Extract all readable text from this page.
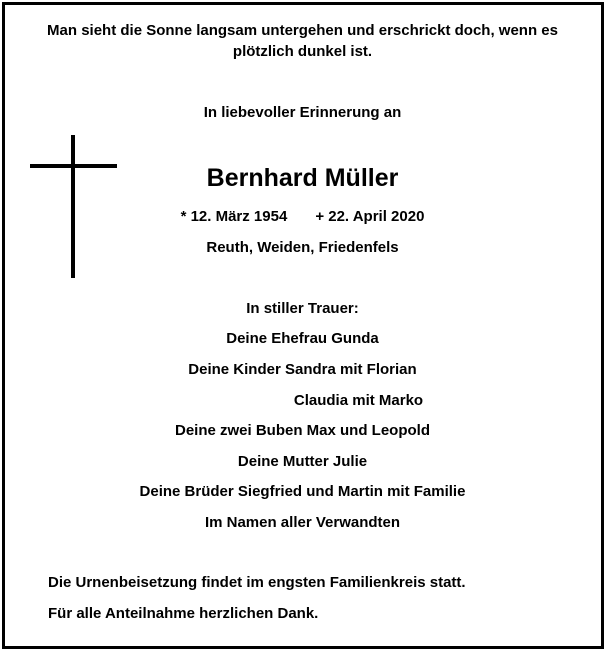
Man sieht die Sonne langsam untergehen und erschrickt doch, wenn es
plötzlich dunkel ist.
In liebevoller Erinnerung an
Bernhard Müller
* 12. März 1954 + 22. April 2020
Reuth, Weiden, Friedenfels
In stiller Trauer:
Deine Ehefrau Gunda
Deine Kinder Sandra mit Florian
Claudia mit Marko
Deine zwei Buben Max und Leopold
Deine Mutter Julie
Deine Brüder Siegfried und Martin mit Familie
Im Namen aller Verwandten
Die Urnenbeisetzung findet im engsten Familienkreis statt.
Für alle Anteilnahme herzlichen Dank.
